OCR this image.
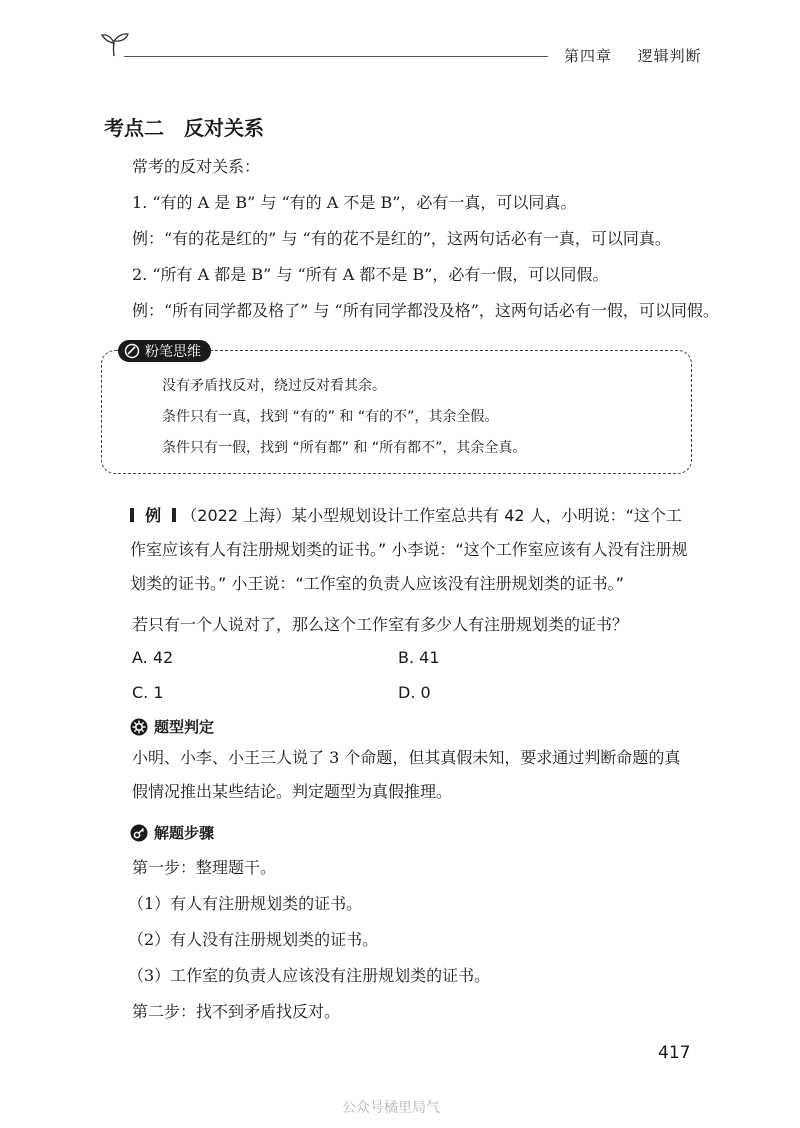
第四章 逻辑判断
考点二　反对关系
常考的反对关系：
1. “有的 A 是 B” 与 “有的 A 不是 B”，必有一真，可以同真。
例：“有的花是红的” 与 “有的花不是红的”，这两句话必有一真，可以同真。
2. “所有 A 都是 B” 与 “所有 A 都不是 B”，必有一假，可以同假。
例：“所有同学都及格了” 与 “所有同学都没及格”，这两句话必有一假，可以同假。
粉笔思维
没有矛盾找反对，绕过反对看其余。
条件只有一真，找到 “有的” 和 “有的不”，其余全假。
条件只有一假，找到 “所有都” 和 “所有都不”，其余全真。
例 （2022 上海）某小型规划设计工作室总共有 42 人，小明说：“这个工作室应该有人有注册规划类的证书。” 小李说：“这个工作室应该有人没有注册规划类的证书。” 小王说：“工作室的负责人应该没有注册规划类的证书。”
若只有一个人说对了，那么这个工作室有多少人有注册规划类的证书？
A. 42	B. 41
C. 1	D. 0
题型判定
小明、小李、小王三人说了 3 个命题，但其真假未知，要求通过判断命题的真假情况推出某些结论。判定题型为真假推理。
解题步骤
第一步：整理题干。
（1）有人有注册规划类的证书。
（2）有人没有注册规划类的证书。
（3）工作室的负责人应该没有注册规划类的证书。
第二步：找不到矛盾找反对。
417
公众号橘里局气
